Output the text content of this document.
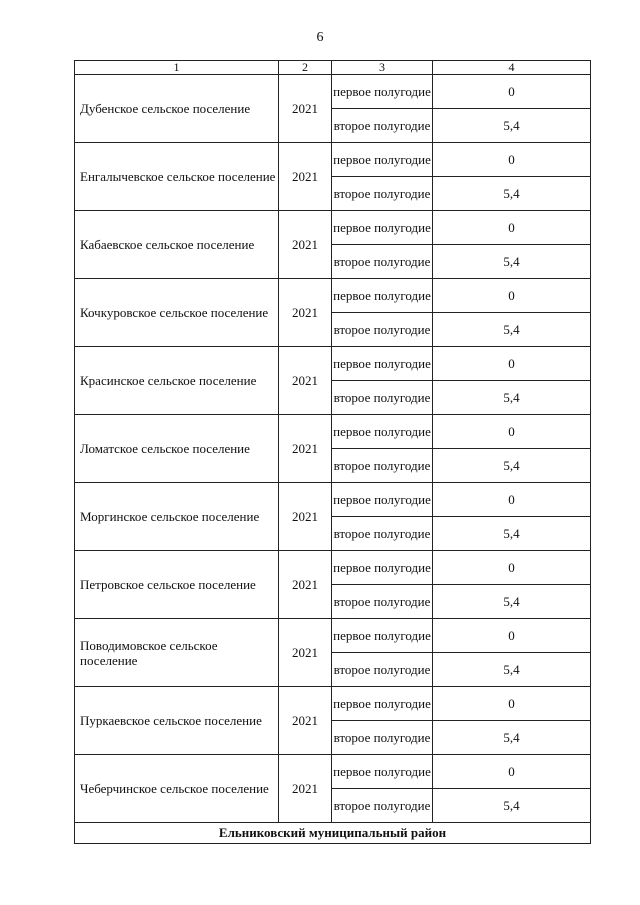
6
1	2	3	4
Дубенское сельское поселение	2021	первое полугодие	0
		второе полугодие	5,4
Енгалычевское сельское поселение	2021	первое полугодие	0
		второе полугодие	5,4
Кабаевское сельское поселение	2021	первое полугодие	0
		второе полугодие	5,4
Кочкуровское сельское поселение	2021	первое полугодие	0
		второе полугодие	5,4
Красинское сельское поселение	2021	первое полугодие	0
		второе полугодие	5,4
Ломатское сельское поселение	2021	первое полугодие	0
		второе полугодие	5,4
Моргинское сельское поселение	2021	первое полугодие	0
		второе полугодие	5,4
Петровское сельское поселение	2021	первое полугодие	0
		второе полугодие	5,4
Поводимовское сельское поселение	2021	первое полугодие	0
		второе полугодие	5,4
Пуркаевское сельское поселение	2021	первое полугодие	0
		второе полугодие	5,4
Чеберчинское сельское поселение	2021	первое полугодие	0
		второе полугодие	5,4
Ельниковский муниципальный район			
